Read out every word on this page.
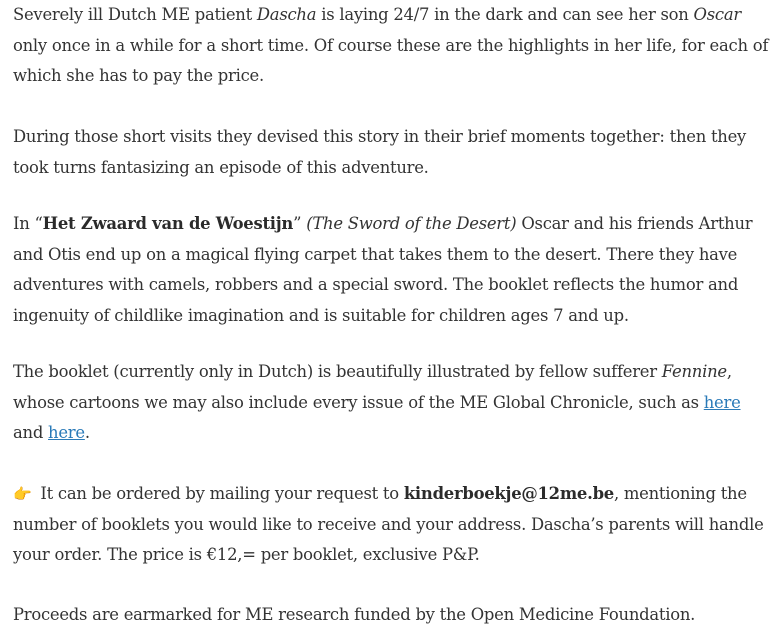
Severely ill Dutch ME patient Dascha is laying 24/7 in the dark and can see her son Oscar only once in a while for a short time. Of course these are the highlights in her life, for each of which she has to pay the price.

During those short visits they devised this story in their brief moments together: then they took turns fantasizing an episode of this adventure.

In “Het Zwaard van de Woestijn” (The Sword of the Desert) Oscar and his friends Arthur and Otis end up on a magical flying carpet that takes them to the desert. There they have adventures with camels, robbers and a special sword. The booklet reflects the humor and ingenuity of childlike imagination and is suitable for children ages 7 and up.

The booklet (currently only in Dutch) is beautifully illustrated by fellow sufferer Fennine, whose cartoons we may also include every issue of the ME Global Chronicle, such as here and here.

👉 It can be ordered by mailing your request to kinderboekje@12me.be, mentioning the number of booklets you would like to receive and your address. Dascha’s parents will handle your order. The price is €12,= per booklet, exclusive P&P.

Proceeds are earmarked for ME research funded by the Open Medicine Foundation.
